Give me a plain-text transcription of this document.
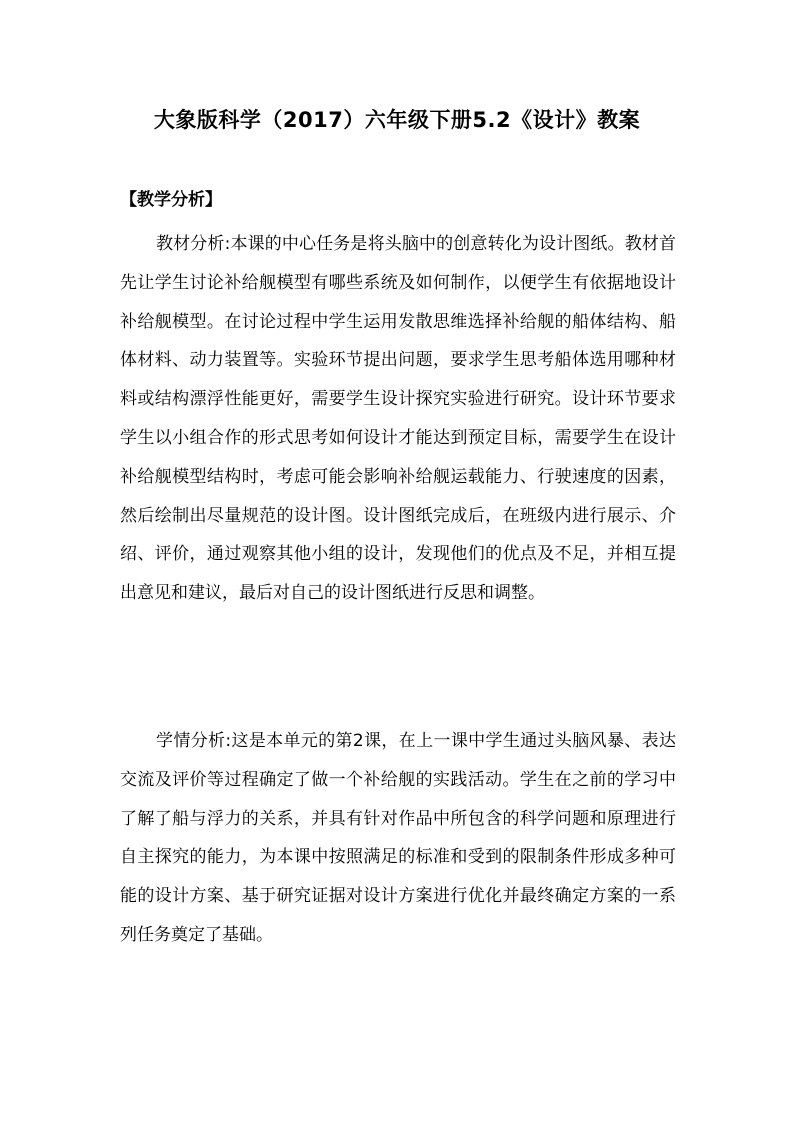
大象版科学（2017）六年级下册5.2《设计》教案
【教学分析】

教材分析:本课的中心任务是将头脑中的创意转化为设计图纸。教材首先让学生讨论补给舰模型有哪些系统及如何制作，以便学生有依据地设计补给舰模型。在讨论过程中学生运用发散思维选择补给舰的船体结构、船体材料、动力装置等。实验环节提出问题，要求学生思考船体选用哪种材料或结构漂浮性能更好，需要学生设计探究实验进行研究。设计环节要求学生以小组合作的形式思考如何设计才能达到预定目标，需要学生在设计补给舰模型结构时，考虑可能会影响补给舰运载能力、行驶速度的因素，然后绘制出尽量规范的设计图。设计图纸完成后，在班级内进行展示、介绍、评价，通过观察其他小组的设计，发现他们的优点及不足，并相互提出意见和建议，最后对自己的设计图纸进行反思和调整。

学情分析:这是本单元的第2课，在上一课中学生通过头脑风暴、表达交流及评价等过程确定了做一个补给舰的实践活动。学生在之前的学习中了解了船与浮力的关系，并具有针对作品中所包含的科学问题和原理进行自主探究的能力，为本课中按照满足的标准和受到的限制条件形成多种可能的设计方案、基于研究证据对设计方案进行优化并最终确定方案的一系列任务奠定了基础。
